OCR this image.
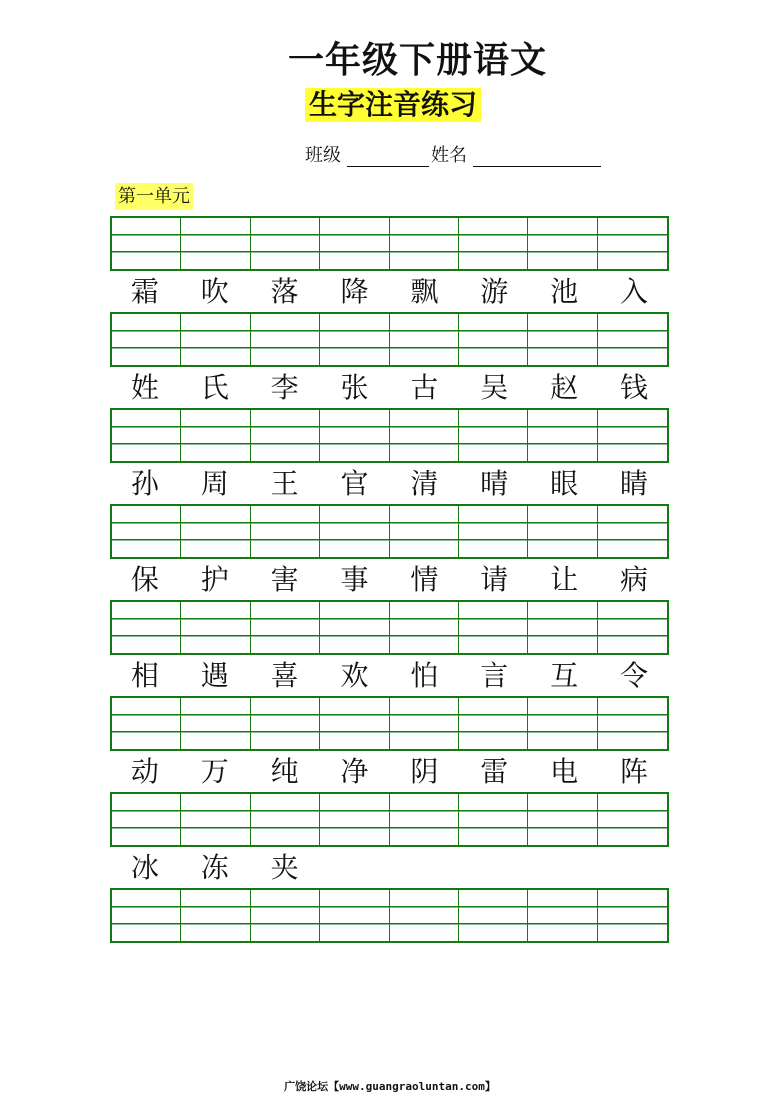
一年级下册语文
生字注音练习
班级	姓名
第一单元
霜	吹	落	降	飘	游	池	入
姓	氏	李	张	古	吴	赵	钱
孙	周	王	官	清	晴	眼	睛
保	护	害	事	情	请	让	病
相	遇	喜	欢	怕	言	互	令
动	万	纯	净	阴	雷	电	阵
冰	冻	夹
广饶论坛【www.guangraoluntan.com】
